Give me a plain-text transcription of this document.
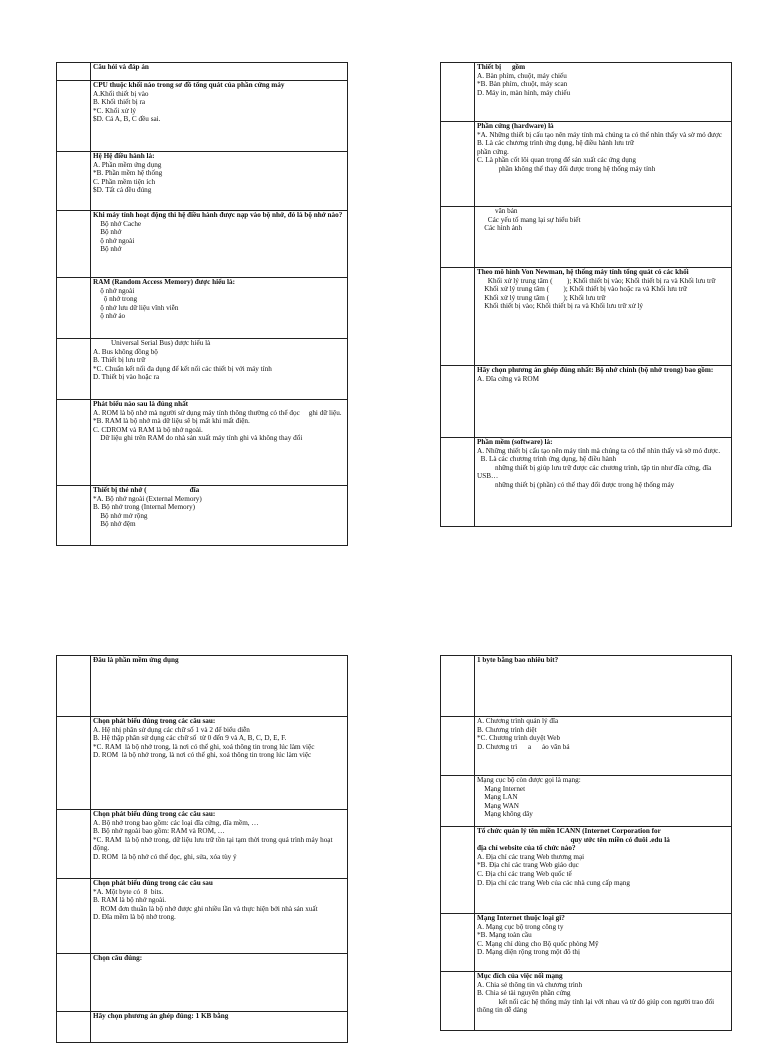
Câu hỏi và đáp án
CPU thuộc khối nào trong sơ đồ tổng quát của phần cứng máy
A.Khối thiết bị vào
B. Khối thiết bị ra
*C. Khối xử lý
$D. Cả A, B, C đều sai.
Hệ Hệ điều hành là:
A. Phần mềm ứng dụng
*B. Phần mềm hệ thống
C. Phần mềm tiện ích
$D. Tất cả đều đúng
Khi máy tính hoạt động thì hệ điều hành được nạp vào bộ nhớ, đó là bộ nhớ nào?
Bộ nhớ Cache
Bộ nhớ
ộ nhớ ngoài
Bộ nhớ
RAM (Random Access Memory) được hiểu là:
ộ nhớ ngoài
ộ nhớ trong
ộ nhớ lưu dữ liệu vĩnh viễn
ộ nhớ ảo
Universal Serial Bus) được hiểu là
A. Bus không đồng bộ
B. Thiết bị lưu trữ
*C. Chuẩn kết nối đa dụng để kết nối các thiết bị với máy tính
D. Thiết bị vào hoặc ra
Phát biểu nào sau là đúng nhất
A. ROM là bộ nhớ mà người sử dụng máy tính thông thường có thể đọc     ghi dữ liệu.
*B. RAM là bộ nhớ mà dữ liệu sẽ bị mất khi mất điện.
C. CDROM và RAM là bộ nhớ ngoài.
Dữ liệu ghi trên RAM do nhà sản xuất máy tính ghi và không thay đổi
Thiết bị thẻ nhớ (                        đĩa
*A. Bộ nhớ ngoài (External Memory)
B. Bộ nhớ trong (Internal Memory)
Bộ nhớ mở rộng
Bộ nhớ đệm
Thiết bị      gồm
A. Bàn phím, chuột, máy chiếu
*B. Bàn phím, chuột, máy scan
D. Máy in, màn hình, máy chiếu
Phần cứng (hardware) là
*A. Những thiết bị cấu tạo nên máy tính mà chúng ta có thể nhìn thấy và sờ mó được
B. Là các chương trình ứng dụng, hệ điều hành lưu trữ
phần cứng.
C. Là phần cốt lõi quan trọng để sản xuất các ứng dụng
phần không thể thay đổi được trong hệ thống máy tính
văn bản
Các yếu tố mang lại sự hiểu biết
Các hình ảnh
Theo mô hình Von Newman, hệ thống máy tính tổng quát có các khối
Khối xử lý trung tâm (        ); Khối thiết bị vào; Khối thiết bị ra và Khối lưu trữ
Khối xử lý trung tâm (        ); Khối thiết bị vào hoặc ra và Khối lưu trữ
Khối xử lý trung tâm (        ); Khối lưu trữ
Khối thiết bị vào; Khối thiết bị ra và Khối lưu trữ xử lý
Hãy chọn phương án ghép đúng nhất: Bộ nhớ chính (bộ nhớ trong) bao gồm:
A. Đĩa cứng và ROM
Phần mềm (software) là:
A. Những thiết bị cấu tạo nên máy tính mà chúng ta có thể nhìn thấy và sờ mó được.
B. Là các chương trình ứng dụng, hệ điều hành
những thiết bị giúp lưu trữ được các chương trình, tập tin như đĩa cứng, đĩa USB…
những thiết bị (phần) có thể thay đổi được trong hệ thống máy
Đâu là phần mềm ứng dụng
Chọn phát biểu đúng trong các câu sau:
A. Hệ nhị phân sử dụng các chữ số 1 và 2 để biểu diễn
B. Hệ thập phân sử dụng các chữ số  từ 0 đến 9 và A, B, C, D, E, F.
*C. RAM  là bộ nhớ trong, là nơi có thể ghi, xoá thông tin trong lúc làm việc
D. ROM  là bộ nhớ trong, là nơi có thể ghi, xoá thông tin trong lúc làm việc
Chọn phát biểu đúng trong các câu sau:
A. Bộ nhớ trong bao gồm: các loại đĩa cứng, đĩa mềm, …
B. Bộ nhớ ngoài bao gồm: RAM và ROM, …
*C. RAM  là bộ nhớ trong, dữ liệu lưu trữ tồn tại tạm thời trong quá trình máy hoạt động.
D. ROM  là bộ nhớ có thể đọc, ghi, sửa, xóa tùy ý
Chọn phát biểu đúng trong các câu sau
*A. Một byte có  8  bits.
B. RAM là bộ nhớ ngoài.
ROM đơn thuần là bộ nhớ được ghi nhiều lần và thực hiện bởi nhà sản xuất
D. Đĩa mềm là bộ nhớ trong.
Chọn câu đúng:
Hãy chọn phương án ghép đúng: 1 KB bằng
1 byte bằng bao nhiêu bit?
A. Chương trình quản lý đĩa
B. Chương trình diệt
*C. Chương trình duyệt Web
D. Chương trì      a      ảo văn bả
Mạng cục bộ còn được gọi là mạng:
Mạng Internet
Mạng LAN
Mạng WAN
Mạng không dây
Tổ chức quản lý tên miền ICANN (Internet Corporation for
quy ước tên miền có đuôi .edu là
địa chỉ website của tổ chức nào?
A. Địa chỉ các trang Web thương mại
*B. Địa chỉ các trang Web giáo dục
C. Địa chỉ các trang Web quốc tế
D. Địa chỉ các trang Web của các nhà cung cấp mạng
Mạng Internet thuộc loại gì?
A. Mạng cục bộ trong công ty
*B. Mạng toàn cầu
C. Mạng chỉ dùng cho Bộ quốc phòng Mỹ
D. Mạng diện rộng trong một đô thị
Mục đích của việc nối mạng
A. Chia sẻ thông tin và chương trình
B. Chia sẻ tài nguyên phần cứng
kết nối các hệ thống máy tính lại với nhau và từ đó giúp con người trao đổi thông tin dễ dàng
